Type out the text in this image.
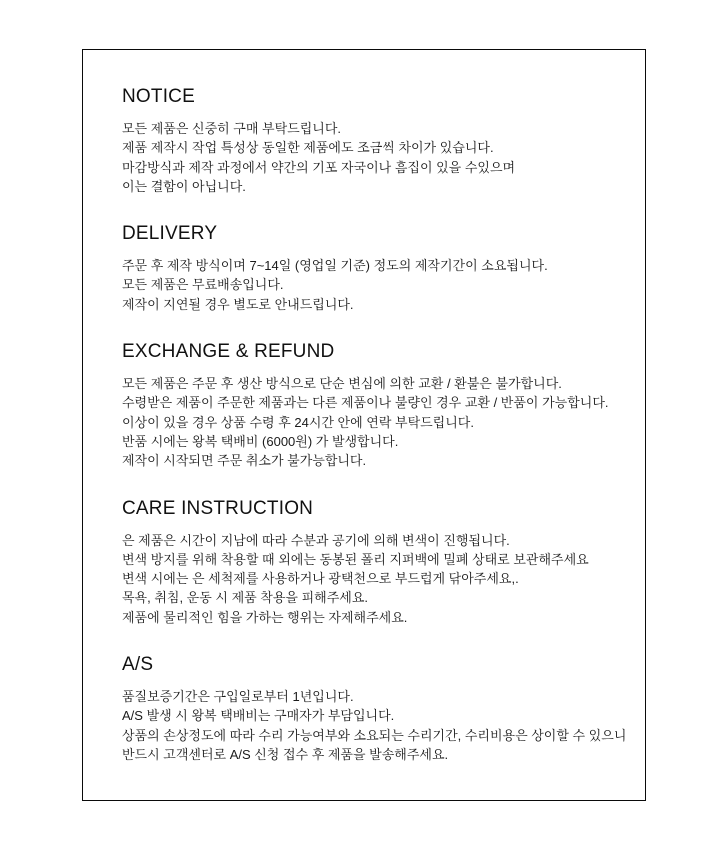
NOTICE

모든 제품은 신중히 구매 부탁드립니다.

제품 제작시 작업 특성상 동일한 제품에도 조금씩 차이가 있습니다.

마감방식과 제작 과정에서 약간의 기포 자국이나 흠집이 있을 수있으며

이는 결함이 아닙니다.

DELIVERY

주문 후 제작 방식이며 7~14일 (영업일 기준) 정도의 제작기간이 소요됩니다.

모든 제품은 무료배송입니다.

제작이 지연될 경우 별도로 안내드립니다.

EXCHANGE & REFUND

모든 제품은 주문 후 생산 방식으로 단순 변심에 의한 교환 / 환불은 불가합니다.

수령받은 제품이 주문한 제품과는 다른 제품이나 불량인 경우 교환 / 반품이 가능합니다.

이상이 있을 경우 상품 수령 후 24시간 안에 연락 부탁드립니다.

반품 시에는 왕복 택배비 (6000원) 가 발생합니다.

제작이 시작되면 주문 취소가 불가능합니다.

CARE INSTRUCTION

은 제품은 시간이 지남에 따라 수분과 공기에 의해 변색이 진행됩니다.

변색 방지를 위해 착용할 때 외에는 동봉된 폴리 지퍼백에 밀폐 상태로 보관해주세요

변색 시에는 은 세척제를 사용하거나 광택천으로 부드럽게 닦아주세요,.

목욕, 취침, 운동 시 제품 착용을 피해주세요.

제품에 물리적인 힘을 가하는 행위는 자제해주세요.

A/S

품질보증기간은 구입일로부터 1년입니다.

A/S 발생 시 왕복 택배비는 구매자가 부담입니다.

상품의 손상정도에 따라 수리 가능여부와 소요되는 수리기간, 수리비용은 상이할 수 있으니

반드시 고객센터로 A/S 신청 접수 후 제품을 발송해주세요.
